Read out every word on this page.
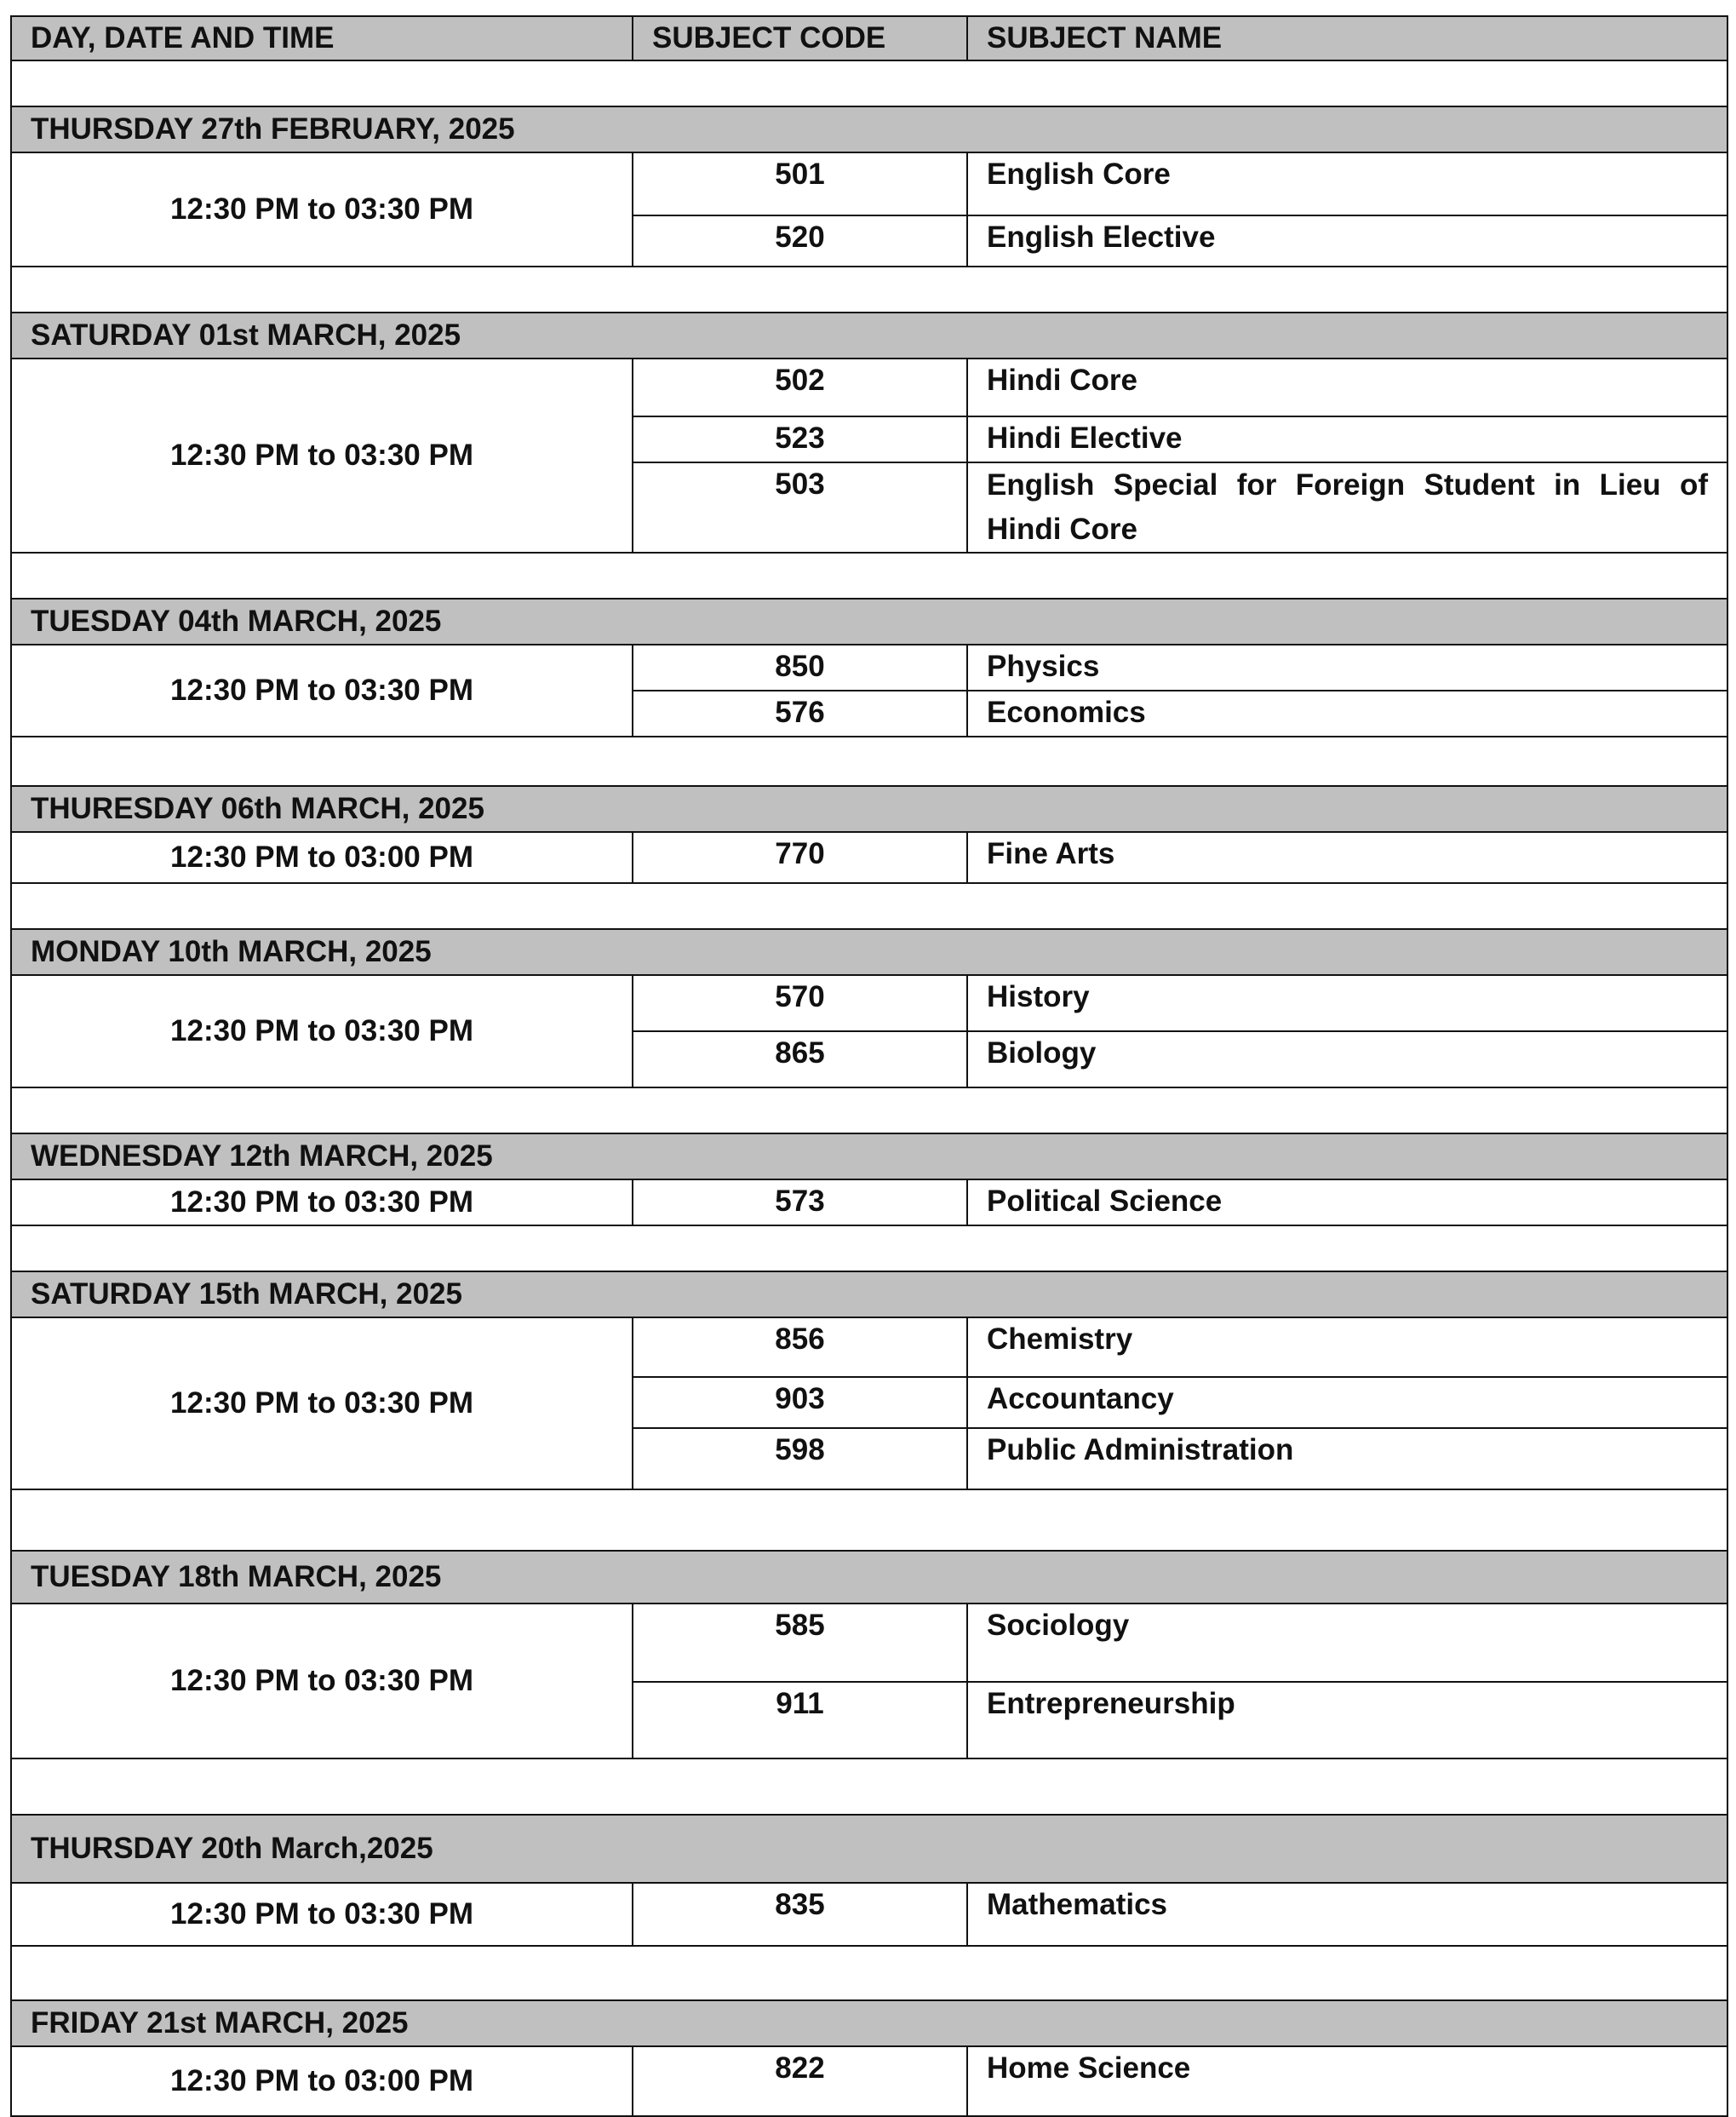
DAY, DATE AND TIME	SUBJECT CODE	SUBJECT NAME

THURSDAY 27th FEBRUARY, 2025		
12:30 PM to 03:30 PM	501	English Core
	520	English Elective

SATURDAY 01st MARCH, 2025		
12:30 PM to 03:30 PM	502	Hindi Core
	523	Hindi Elective
	503	English Special for Foreign Student in Lieu of Hindi Core

TUESDAY 04th MARCH, 2025		
12:30 PM to 03:30 PM	850	Physics
	576	Economics

THURESDAY 06th MARCH, 2025		
12:30 PM to 03:00 PM	770	Fine Arts

MONDAY 10th MARCH, 2025		
12:30 PM to 03:30 PM	570	History
	865	Biology

WEDNESDAY 12th MARCH, 2025		
12:30 PM to 03:30 PM	573	Political Science

SATURDAY 15th MARCH, 2025		
12:30 PM to 03:30 PM	856	Chemistry
	903	Accountancy
	598	Public Administration

TUESDAY 18th MARCH, 2025		
12:30 PM to 03:30 PM	585	Sociology
	911	Entrepreneurship

THURSDAY 20th March,2025		
12:30 PM to 03:30 PM	835	Mathematics

FRIDAY 21st MARCH, 2025		
12:30 PM to 03:00 PM	822	Home Science
